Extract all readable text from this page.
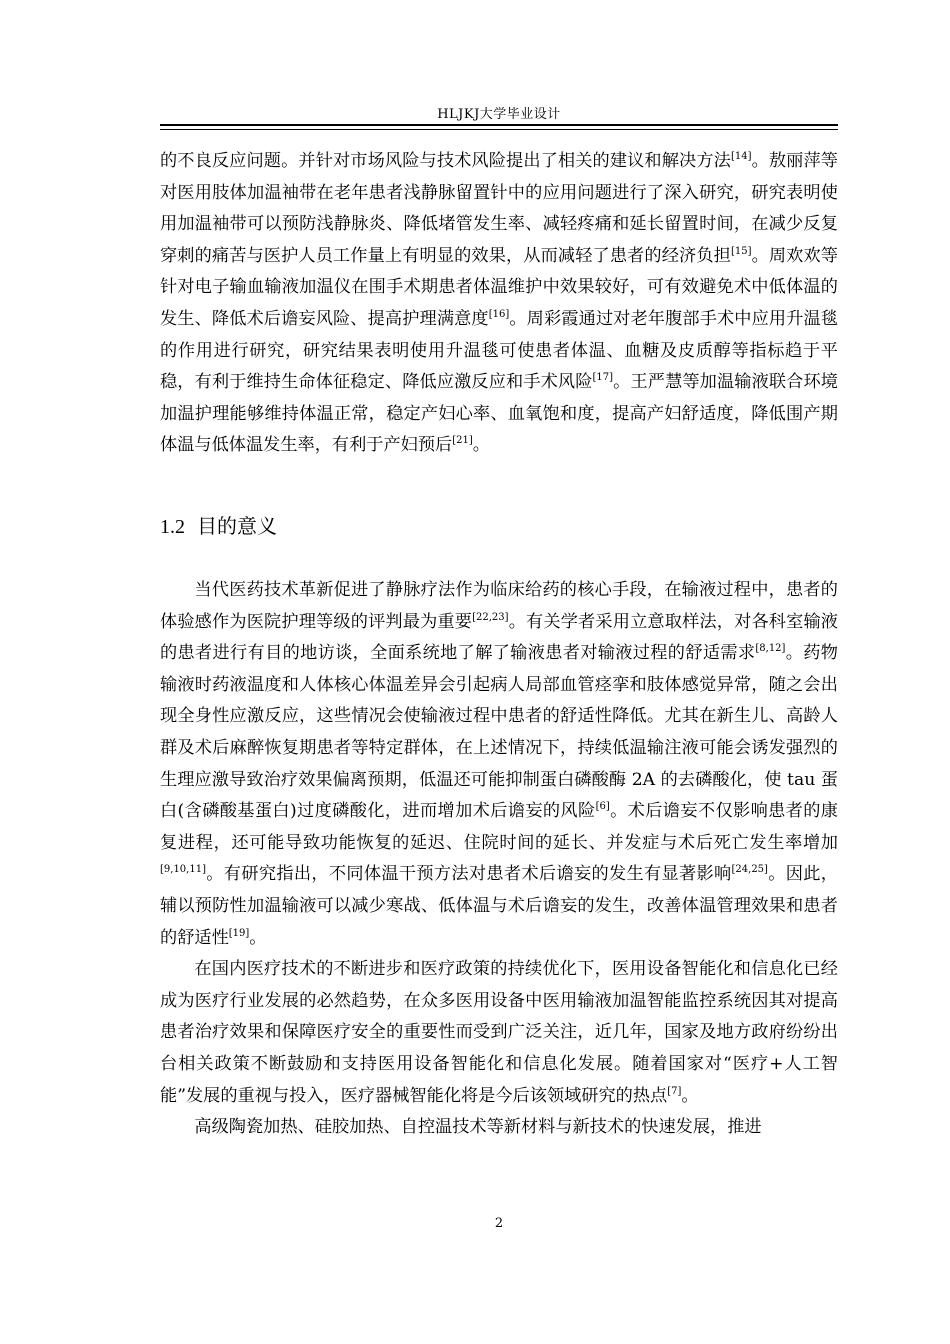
HLJKJ大学毕业设计

的不良反应问题。并针对市场风险与技术风险提出了相关的建议和解决方法[14]。敖丽萍等对医用肢体加温袖带在老年患者浅静脉留置针中的应用问题进行了深入研究，研究表明使用加温袖带可以预防浅静脉炎、降低堵管发生率、减轻疼痛和延长留置时间，在减少反复穿刺的痛苦与医护人员工作量上有明显的效果，从而减轻了患者的经济负担[15]。周欢欢等针对电子输血输液加温仪在围手术期患者体温维护中效果较好，可有效避免术中低体温的发生、降低术后谵妄风险、提高护理满意度[16]。周彩霞通过对老年腹部手术中应用升温毯的作用进行研究，研究结果表明使用升温毯可使患者体温、血糖及皮质醇等指标趋于平稳，有利于维持生命体征稳定、降低应激反应和手术风险[17]。王严慧等加温输液联合环境加温护理能够维持体温正常，稳定产妇心率、血氧饱和度，提高产妇舒适度，降低围产期体温与低体温发生率，有利于产妇预后[21]。

1.2 目的意义

当代医药技术革新促进了静脉疗法作为临床给药的核心手段，在输液过程中，患者的体验感作为医院护理等级的评判最为重要[22,23]。有关学者采用立意取样法，对各科室输液的患者进行有目的地访谈，全面系统地了解了输液患者对输液过程的舒适需求[8,12]。药物输液时药液温度和人体核心体温差异会引起病人局部血管痉挛和肢体感觉异常，随之会出现全身性应激反应，这些情况会使输液过程中患者的舒适性降低。尤其在新生儿、高龄人群及术后麻醉恢复期患者等特定群体，在上述情况下，持续低温输注液可能会诱发强烈的生理应激导致治疗效果偏离预期，低温还可能抑制蛋白磷酸酶 2A 的去磷酸化，使 tau 蛋白(含磷酸基蛋白)过度磷酸化，进而增加术后谵妄的风险[6]。术后谵妄不仅影响患者的康复进程，还可能导致功能恢复的延迟、住院时间的延长、并发症与术后死亡发生率增加[9,10,11]。有研究指出，不同体温干预方法对患者术后谵妄的发生有显著影响[24,25]。因此，辅以预防性加温输液可以减少寒战、低体温与术后谵妄的发生，改善体温管理效果和患者的舒适性[19]。

在国内医疗技术的不断进步和医疗政策的持续优化下，医用设备智能化和信息化已经成为医疗行业发展的必然趋势，在众多医用设备中医用输液加温智能监控系统因其对提高患者治疗效果和保障医疗安全的重要性而受到广泛关注，近几年，国家及地方政府纷纷出台相关政策不断鼓励和支持医用设备智能化和信息化发展。随着国家对“医疗+人工智能”发展的重视与投入，医疗器械智能化将是今后该领域研究的热点[7]。

高级陶瓷加热、硅胶加热、自控温技术等新材料与新技术的快速发展，推进

2
